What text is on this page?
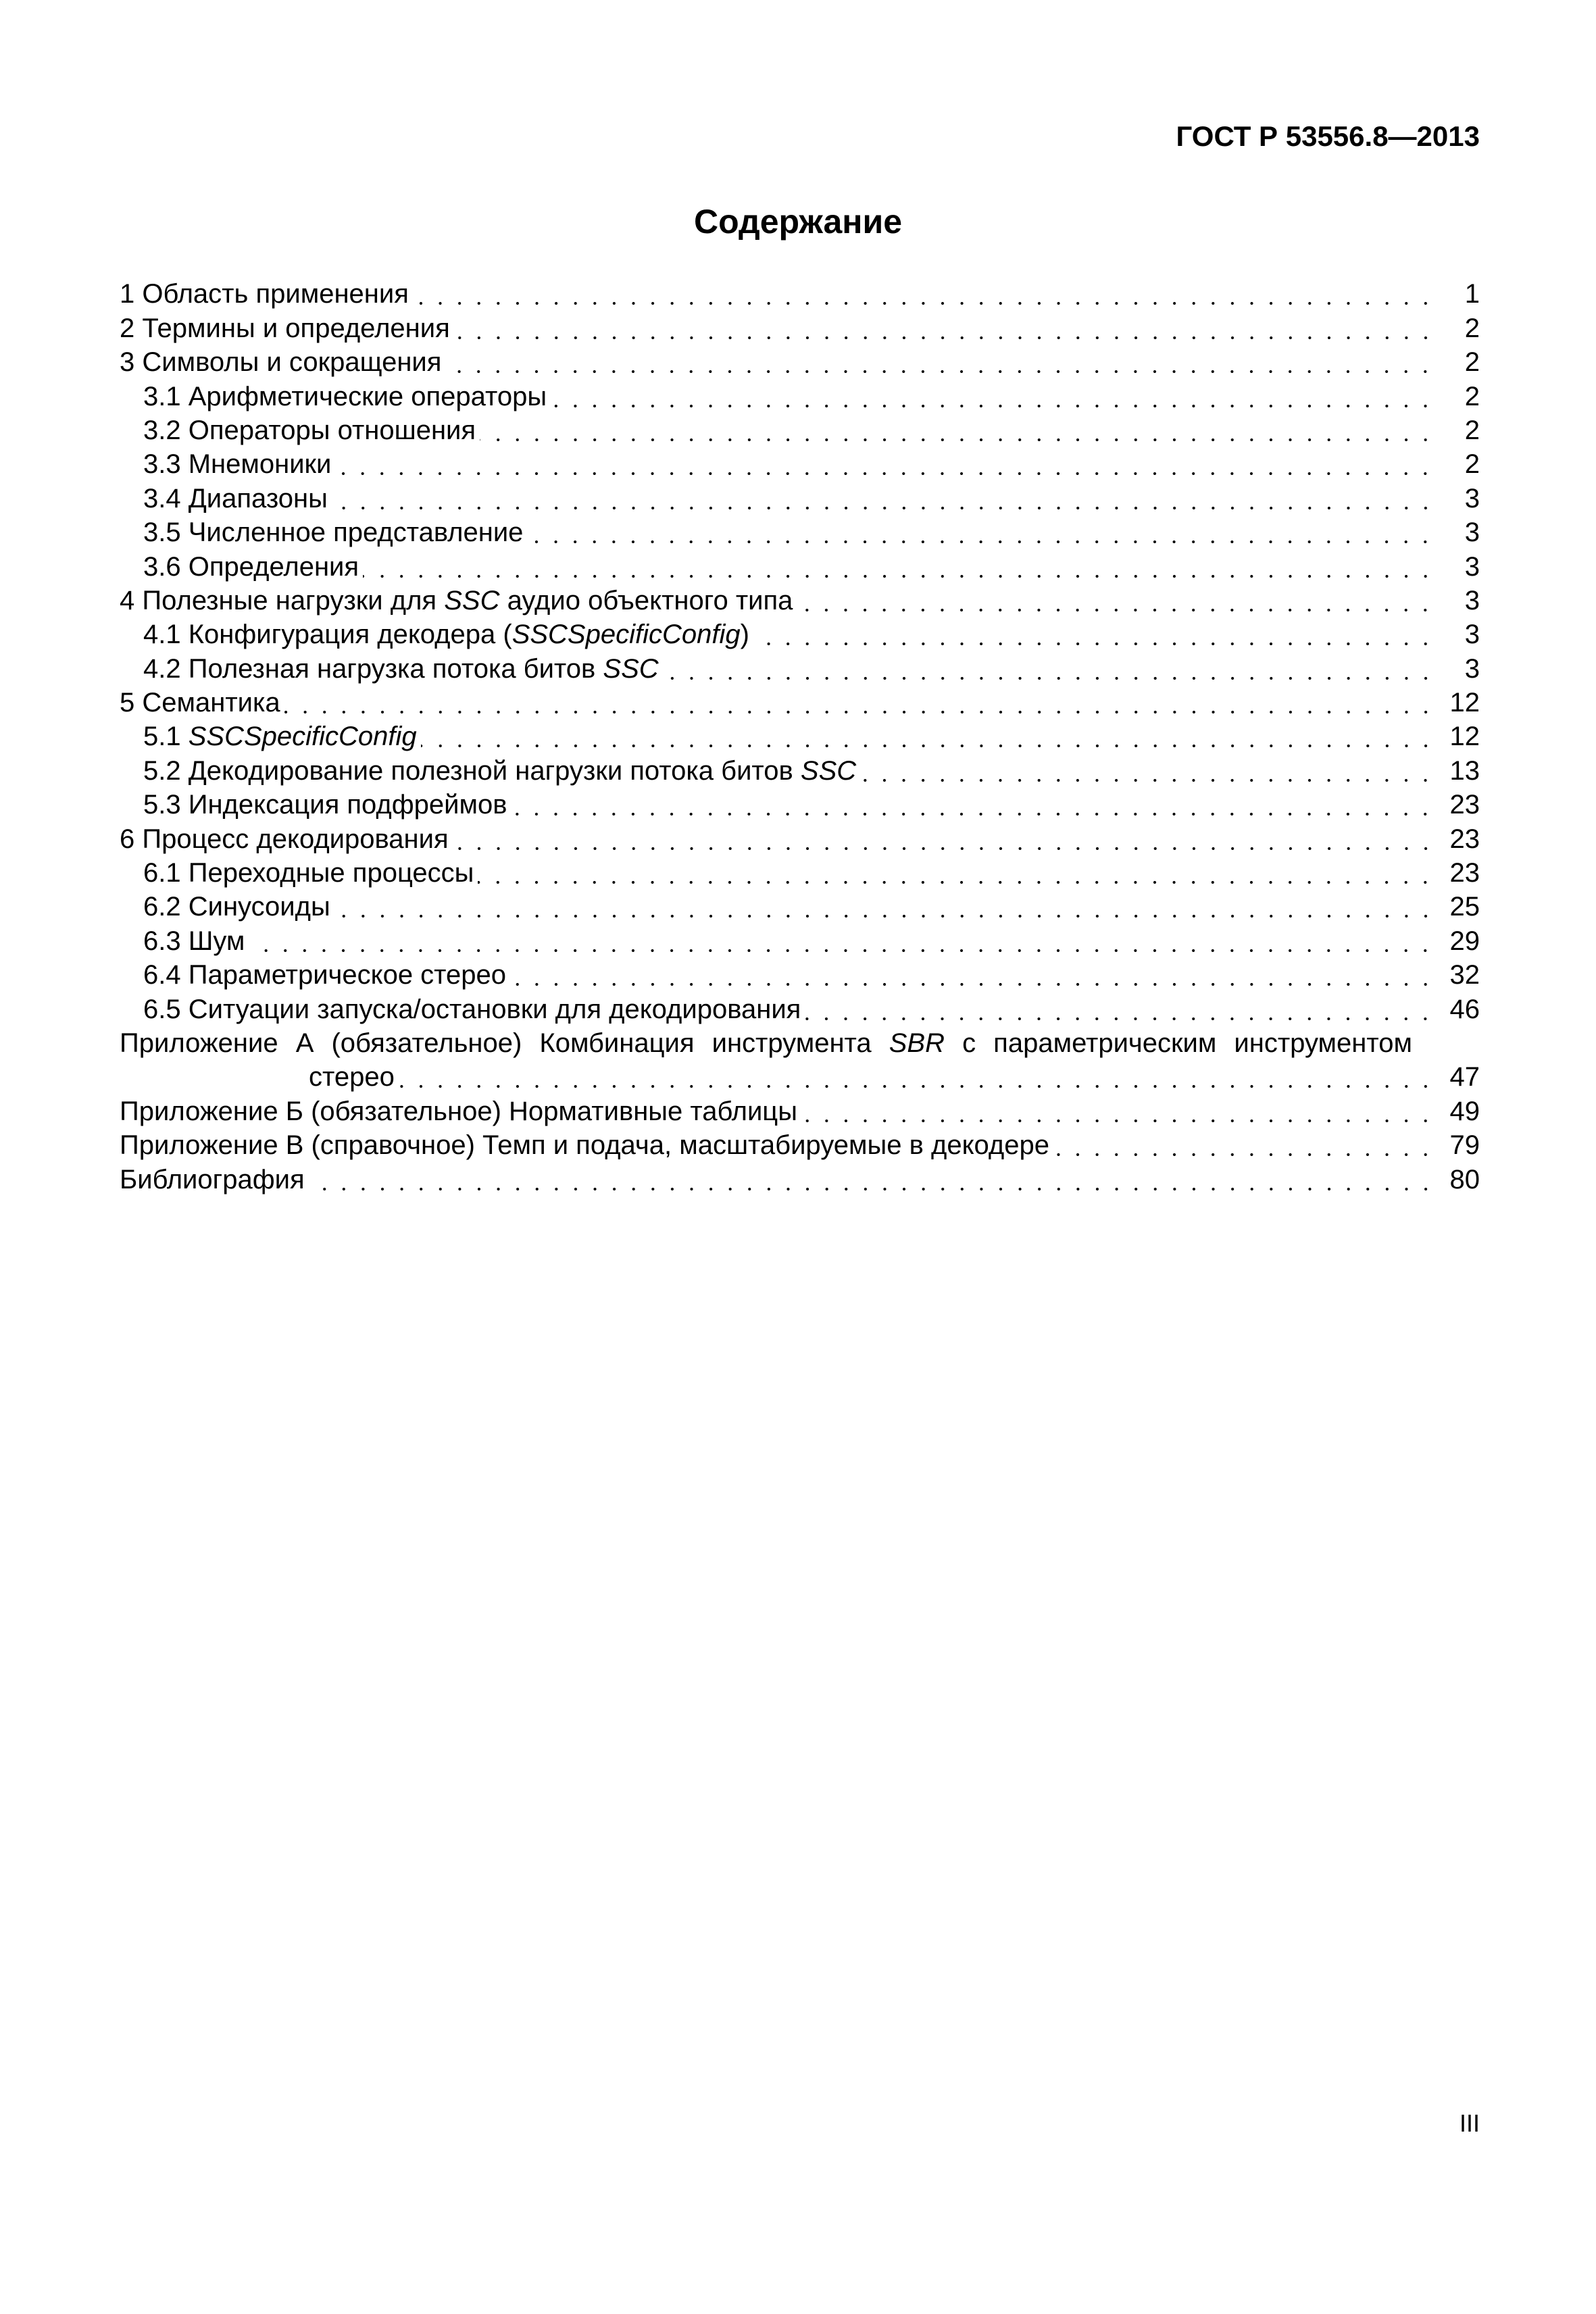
ГОСТ Р 53556.8—2013
Содержание
1 Область применения	1
2 Термины и определения	2
3 Символы и сокращения	2
3.1 Арифметические операторы	2
3.2 Операторы отношения	2
3.3 Мнемоники	2
3.4 Диапазоны	3
3.5 Численное представление	3
3.6 Определения	3
4 Полезные нагрузки для SSC аудио объектного типа	3
4.1 Конфигурация декодера (SSCSpecificConfig)	3
4.2 Полезная нагрузка потока битов SSC	3
5 Семантика	12
5.1 SSCSpecificConfig	12
5.2 Декодирование полезной нагрузки потока битов SSC	13
5.3 Индексация подфреймов	23
6 Процесс декодирования	23
6.1 Переходные процессы	23
6.2 Синусоиды	25
6.3 Шум	29
6.4 Параметрическое стерео	32
6.5 Ситуации запуска/остановки для декодирования	46
Приложение А (обязательное) Комбинация инструмента SBR с параметрическим инструментом
стерео	47
Приложение Б (обязательное) Нормативные таблицы	49
Приложение В (справочное) Темп и подача, масштабируемые в декодере	79
Библиография	80
III
